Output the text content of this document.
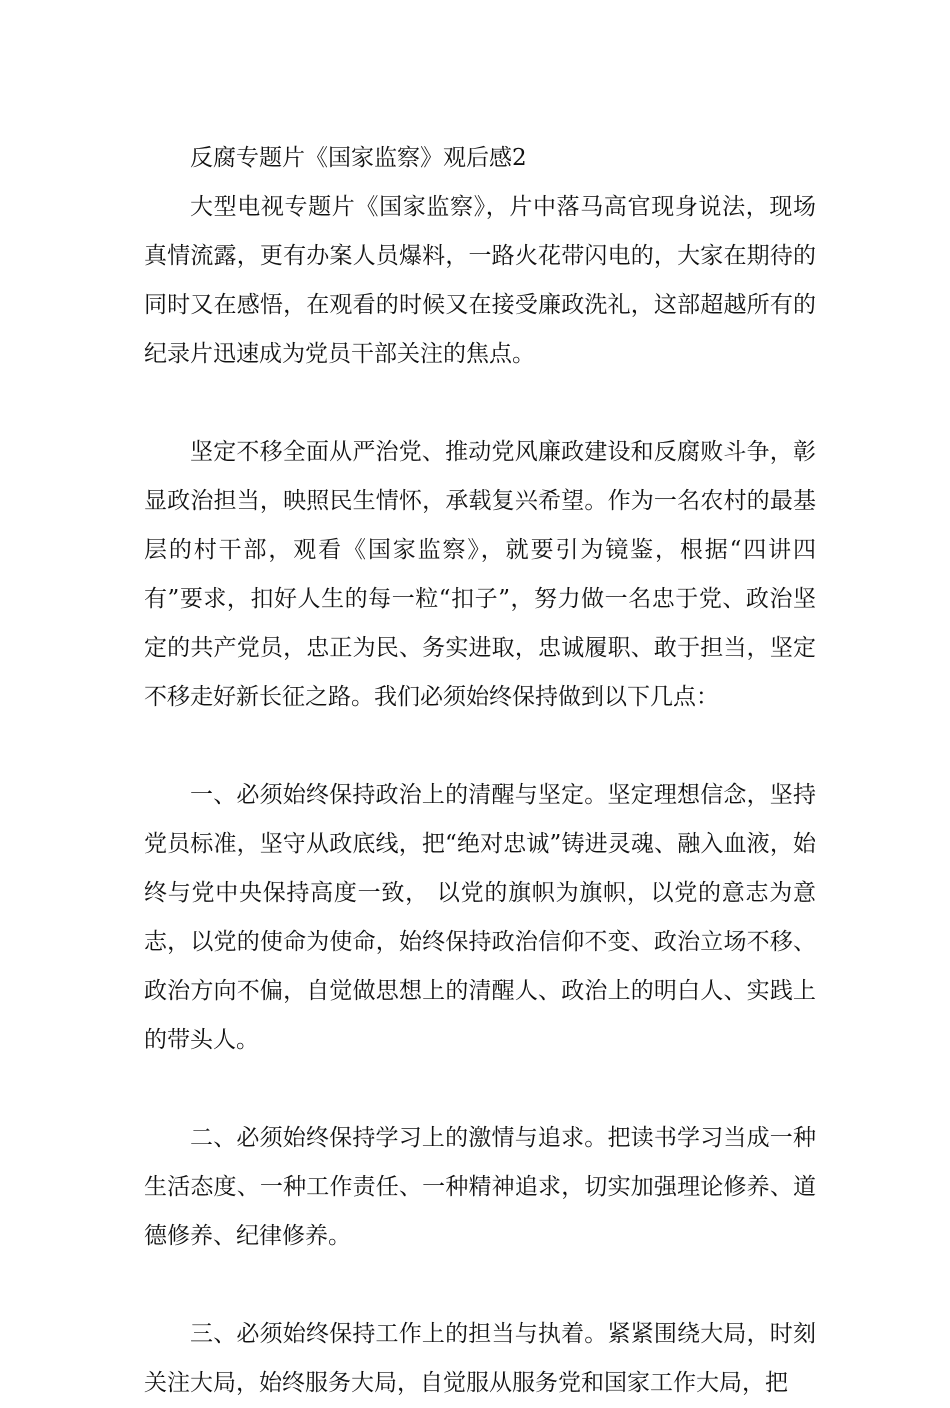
反腐专题片《国家监察》观后感2

大型电视专题片《国家监察》，片中落马高官现身说法，现场真情流露，更有办案人员爆料，一路火花带闪电的，大家在期待的同时又在感悟，在观看的时候又在接受廉政洗礼，这部超越所有的纪录片迅速成为党员干部关注的焦点。

坚定不移全面从严治党、推动党风廉政建设和反腐败斗争，彰显政治担当，映照民生情怀，承载复兴希望。作为一名农村的最基层的村干部，观看《国家监察》，就要引为镜鉴，根据“四讲四有”要求，扣好人生的每一粒“扣子”，努力做一名忠于党、政治坚定的共产党员，忠正为民、务实进取，忠诚履职、敢于担当，坚定不移走好新长征之路。我们必须始终保持做到以下几点：

一、必须始终保持政治上的清醒与坚定。坚定理想信念，坚持党员标准，坚守从政底线，把“绝对忠诚”铸进灵魂、融入血液，始终与党中央保持高度一致， 以党的旗帜为旗帜，以党的意志为意志，以党的使命为使命，始终保持政治信仰不变、政治立场不移、政治方向不偏，自觉做思想上的清醒人、政治上的明白人、实践上的带头人。

二、必须始终保持学习上的激情与追求。把读书学习当成一种生活态度、一种工作责任、一种精神追求，切实加强理论修养、道德修养、纪律修养。

三、必须始终保持工作上的担当与执着。紧紧围绕大局，时刻关注大局，始终服务大局，自觉服从服务党和国家工作大局，把
